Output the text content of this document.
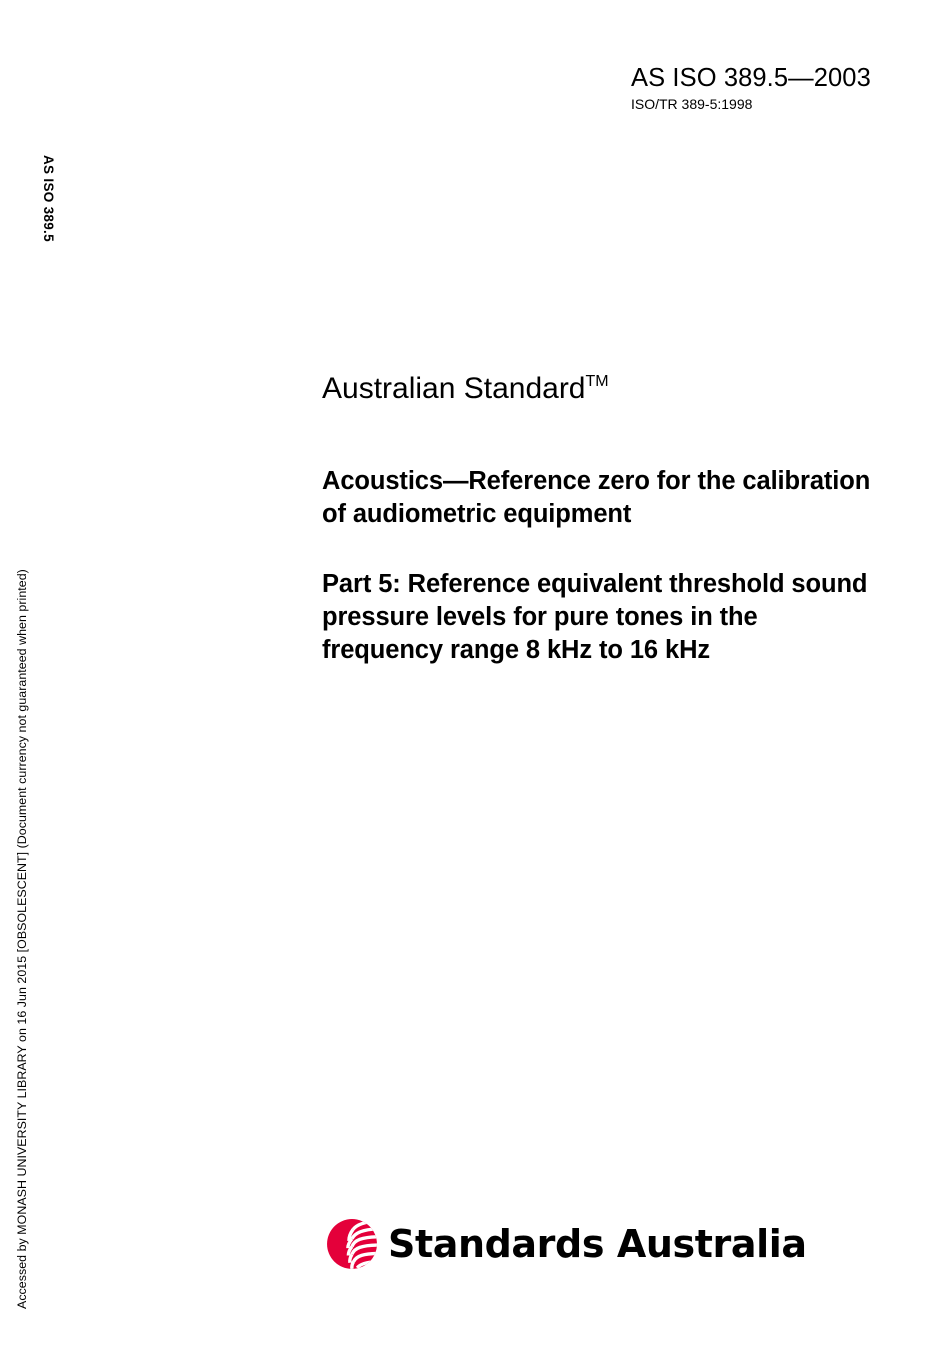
AS ISO 389.5—2003
ISO/TR 389-5:1998
AS ISO 389.5
Accessed by MONASH UNIVERSITY LIBRARY on 16 Jun 2015 [OBSOLESCENT] (Document currency not guaranteed when printed)
Australian Standard™
Acoustics—Reference zero for the calibration of audiometric equipment
Part 5: Reference equivalent threshold sound pressure levels for pure tones in the frequency range 8 kHz to 16 kHz
Standards Australia
